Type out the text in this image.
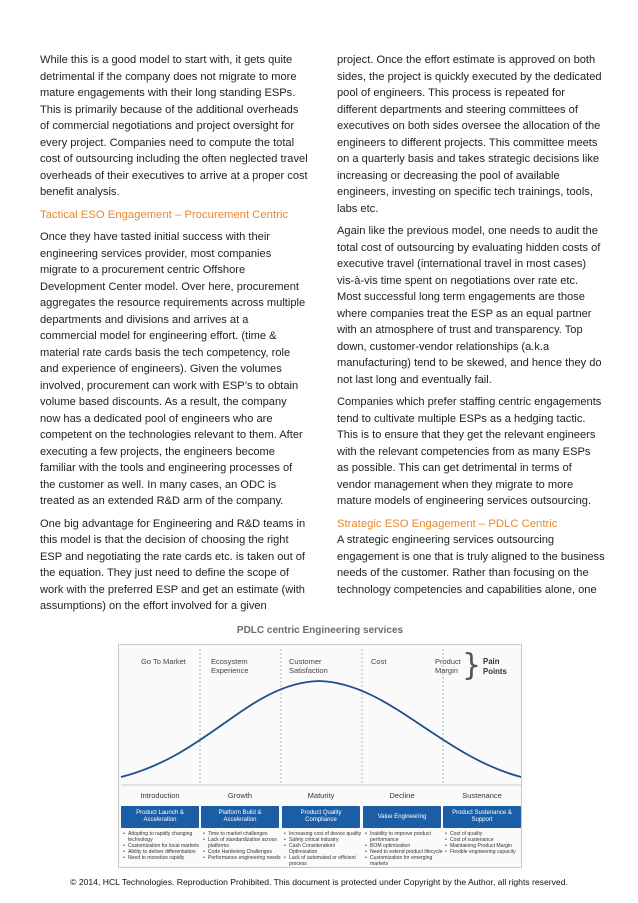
While this is a good model to start with, it gets quite detrimental if the company does not migrate to more mature engagements with their long standing ESPs. This is primarily because of the additional overheads of commercial negotiations and project oversight for every project. Companies need to compute the total cost of outsourcing including the often neglected travel overheads of their executives to arrive at a proper cost benefit analysis.

Tactical ESO Engagement – Procurement Centric

Once they have tasted initial success with their engineering services provider, most companies migrate to a procurement centric Offshore Development Center model. Over here, procurement aggregates the resource requirements across multiple departments and divisions and arrives at a commercial model for engineering effort. (time & material rate cards basis the tech competency, role and experience of engineers). Given the volumes involved, procurement can work with ESP’s to obtain volume based discounts. As a result, the company now has a dedicated pool of engineers who are competent on the technologies relevant to them. After executing a few projects, the engineers become familiar with the tools and engineering processes of the customer as well. In many cases, an ODC is treated as an extended R&D arm of the company.

One big advantage for Engineering and R&D teams in this model is that the decision of choosing the right ESP and negotiating the rate cards etc. is taken out of the equation. They just need to define the scope of work with the preferred ESP and get an estimate (with assumptions) on the effort involved for a given

project. Once the effort estimate is approved on both sides, the project is quickly executed by the dedicated pool of engineers. This process is repeated for different departments and steering committees of executives on both sides oversee the allocation of the engineers to different projects. This committee meets on a quarterly basis and takes strategic decisions like increasing or decreasing the pool of available engineers, investing on specific tech trainings, tools, labs etc.

Again like the previous model, one needs to audit the total cost of outsourcing by evaluating hidden costs of executive travel (international travel in most cases) vis-à-vis time spent on negotiations over rate etc. Most successful long term engagements are those where companies treat the ESP as an equal partner with an atmosphere of trust and transparency. Top down, customer-vendor relationships (a.k.a manufacturing) tend to be skewed, and hence they do not last long and eventually fail.

Companies which prefer staffing centric engagements tend to cultivate multiple ESPs as a hedging tactic. This is to ensure that they get the relevant engineers with the relevant competencies from as many ESPs as possible. This can get detrimental in terms of vendor management when they migrate to more mature models of engineering services outsourcing.

Strategic ESO Engagement – PDLC Centric

A strategic engineering services outsourcing engagement is one that is truly aligned to the business needs of the customer. Rather than focusing on the technology competencies and capabilities alone, one

PDLC centric Engineering services
Go To Market	Ecosystem Experience
Customer Satisfaction
Cost	Product Margin } Pain Points
Introduction	Growth	Maturity	Decline	Sustenance
Product Launch & Acceleration
Platform Build & Acceleration
Product Quality Compliance
Value Engineering
Product Sustenance & Support
• Adopting to rapidly changing technology
• Customization for local markets
• Ability to deliver differentiation
• Need to monetize rapidly
• Time to market challenges
• Lack of standardization across platforms
• Code Hardening Challenges
• Performance engineering needs
• Increasing cost of device quality
• Safety critical industry
• Cash Consideration/ Optimization
• Lack of automated or efficient process
• Inability to improve product performance
• BOM optimization
• Need to extend product lifecycle
• Customization for emerging markets
• Cost of quality
• Cost of sustenance
• Maintaining Product Margin
• Flexible engineering capacity
© 2014, HCL Technologies. Reproduction Prohibited. This document is protected under Copyright by the Author, all rights reserved.
